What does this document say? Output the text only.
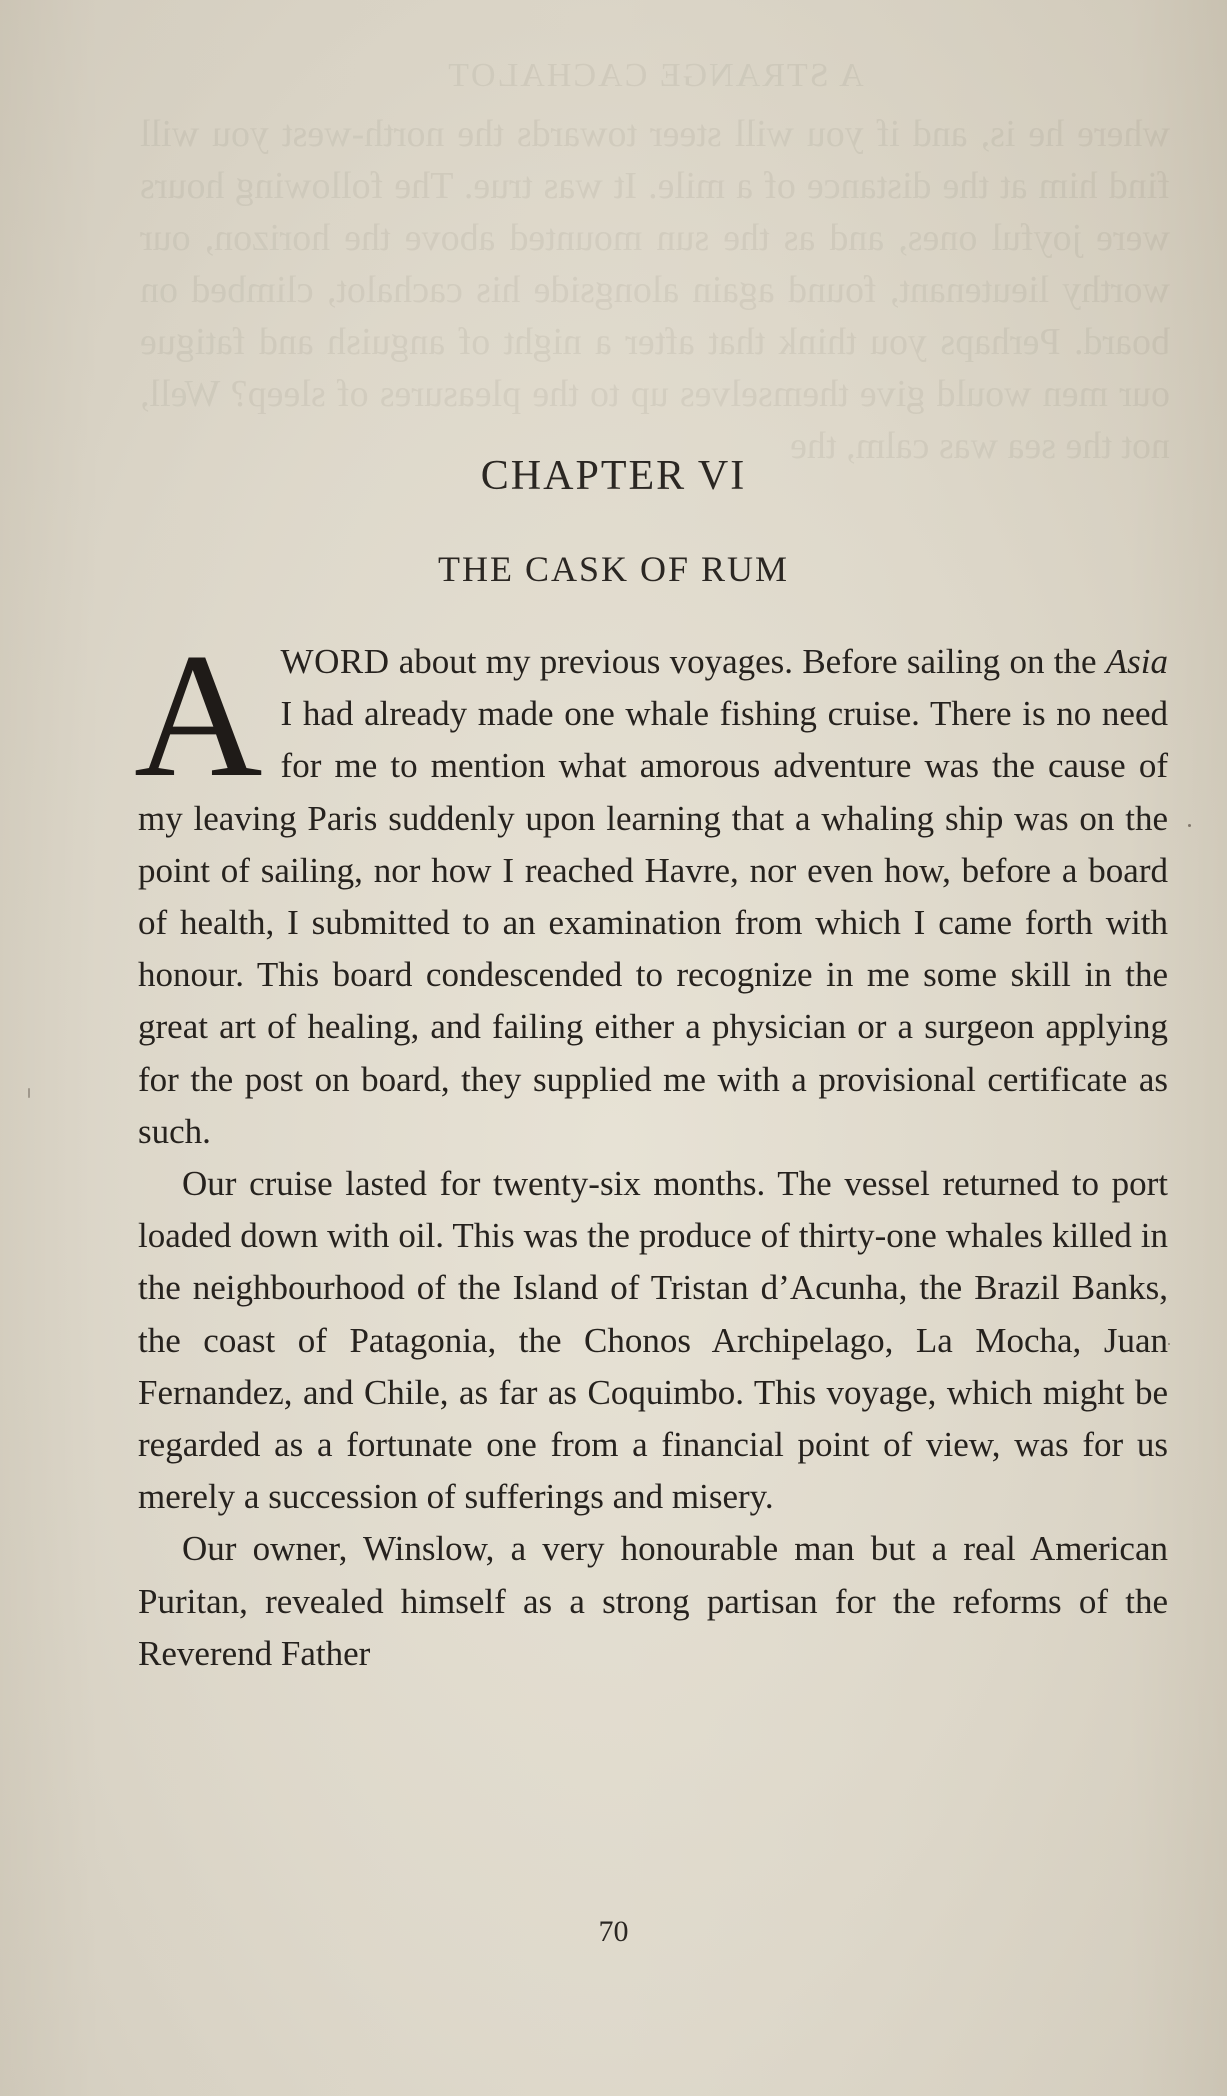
A STRANGE CACHALOT
where he is, and if you will steer towards the north-west you will find him at the distance of a mile. It was true. The following hours were joyful ones, and as the sun mounted above the horizon, our worthy lieutenant, found again alongside his cachalot, climbed on board. Perhaps you think that after a night of anguish and fatigue our men would give themselves up to the pleasures of sleep? Well, not the sea was calm, the
CHAPTER VI
THE CASK OF RUM

AWORD about my previous voyages. Before sailing on the Asia I had already made one whale fishing cruise. There is no need for me to mention what amorous adventure was the cause of my leaving Paris suddenly upon learning that a whaling ship was on the point of sailing, nor how I reached Havre, nor even how, before a board of health, I submitted to an examination from which I came forth with honour. This board condescended to recognize in me some skill in the great art of healing, and failing either a physician or a surgeon applying for the post on board, they supplied me with a provisional certificate as such.

Our cruise lasted for twenty-six months. The vessel returned to port loaded down with oil. This was the produce of thirty-one whales killed in the neighbourhood of the Island of Tristan d’Acunha, the Brazil Banks, the coast of Patagonia, the Chonos Archipelago, La Mocha, Juan Fernandez, and Chile, as far as Coquimbo. This voyage, which might be regarded as a fortunate one from a financial point of view, was for us merely a succession of sufferings and misery.

Our owner, Winslow, a very honourable man but a real American Puritan, revealed himself as a strong partisan for the reforms of the Reverend Father

70
